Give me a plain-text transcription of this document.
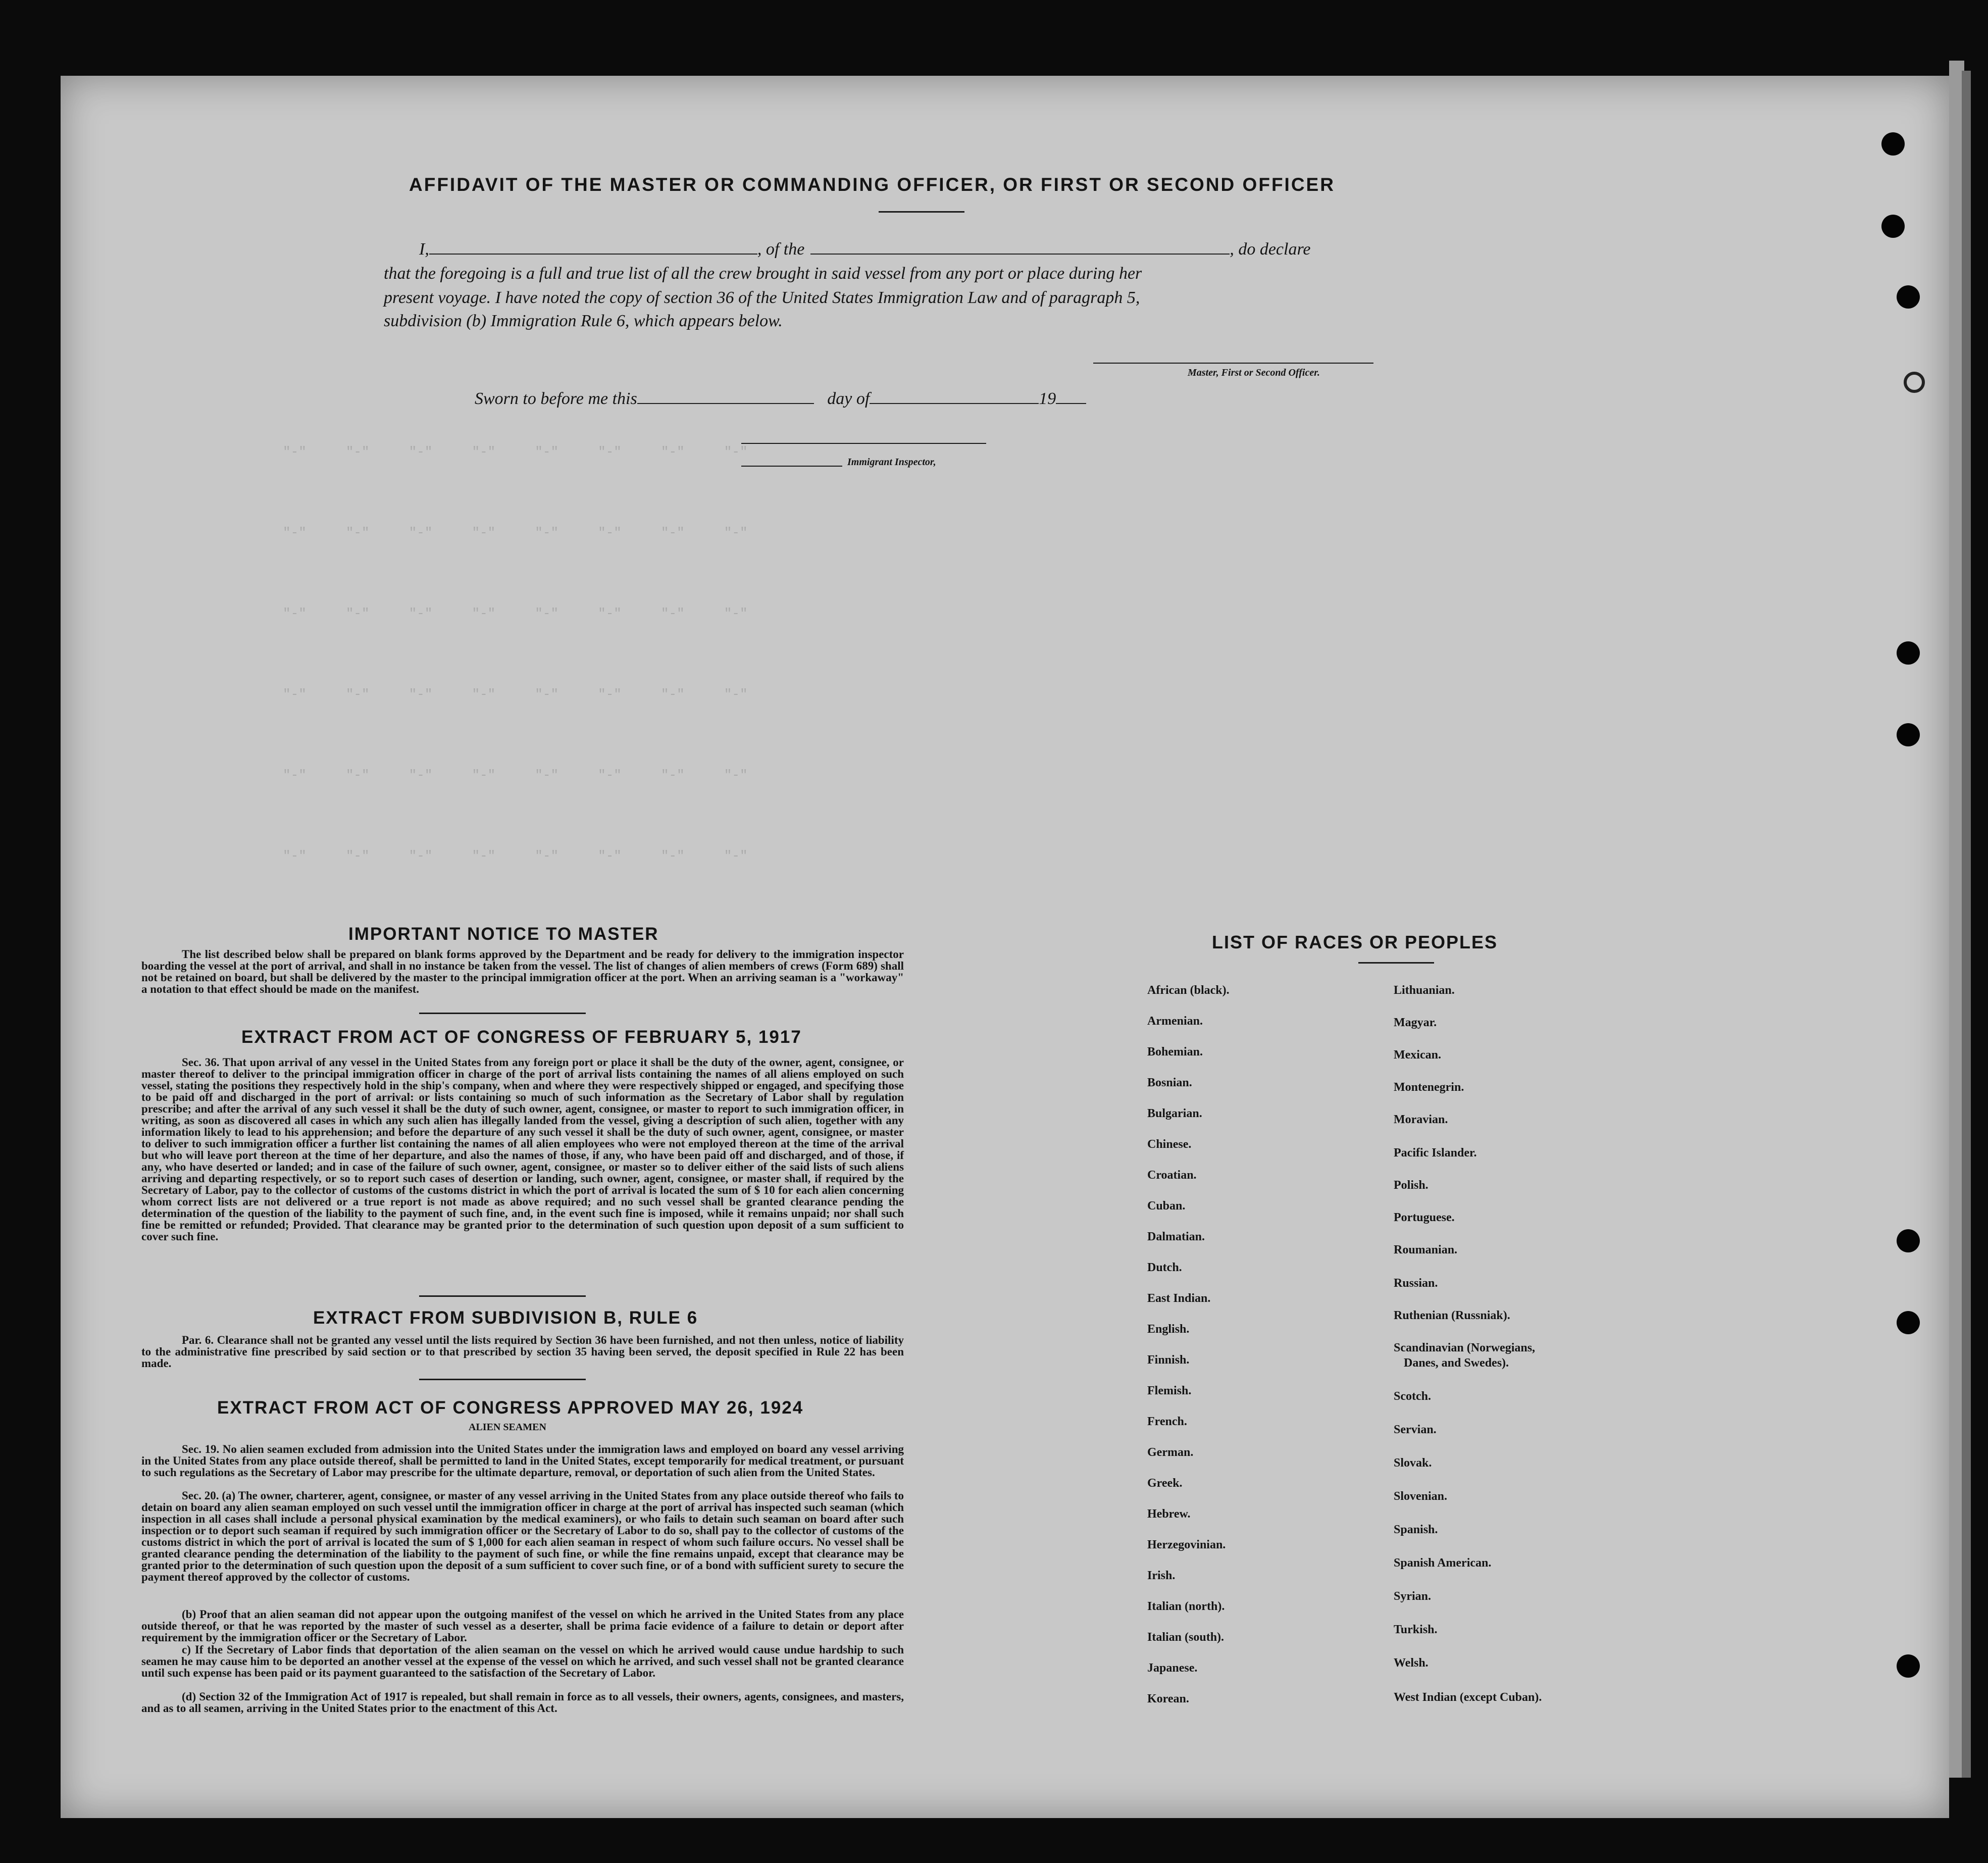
"-"     "-"     "-"     "-"     "-"     "-"     "-"     "-"
"-"     "-"     "-"     "-"     "-"     "-"     "-"     "-"
"-"     "-"     "-"     "-"     "-"     "-"     "-"     "-"
"-"     "-"     "-"     "-"     "-"     "-"     "-"     "-"
"-"     "-"     "-"     "-"     "-"     "-"     "-"     "-"
"-"     "-"     "-"     "-"     "-"     "-"     "-"     "-"
AFFIDAVIT OF THE MASTER OR COMMANDING OFFICER, OR FIRST OR SECOND OFFICER
I,	, of the	, do declare
that the foregoing is a full and true list of all the crew brought in said vessel from any port or place during her
present voyage. I have noted the copy of section 36 of the United States Immigration Law and of paragraph 5,
subdivision (b) Immigration Rule 6, which appears below.
Master, First or Second Officer.
Sworn to before me this	day of	19
Immigrant Inspector,
IMPORTANT NOTICE TO MASTER
The list described below shall be prepared on blank forms approved by the Department and be ready for delivery to the immigration inspector boarding the vessel at the port of arrival, and shall in no instance be taken from the vessel. The list of changes of alien members of crews (Form 689) shall not be retained on board, but shall be delivered by the master to the principal immigration officer at the port. When an arriving seaman is a "workaway" a notation to that effect should be made on the manifest.
EXTRACT FROM ACT OF CONGRESS OF FEBRUARY 5, 1917
Sec. 36. That upon arrival of any vessel in the United States from any foreign port or place it shall be the duty of the owner, agent, consignee, or master thereof to deliver to the principal immigration officer in charge of the port of arrival lists containing the names of all aliens employed on such vessel, stating the positions they respectively hold in the ship's company, when and where they were respectively shipped or engaged, and specifying those to be paid off and discharged in the port of arrival: or lists containing so much of such information as the Secretary of Labor shall by regulation prescribe; and after the arrival of any such vessel it shall be the duty of such owner, agent, consignee, or master to report to such immigration officer, in writing, as soon as discovered all cases in which any such alien has illegally landed from the vessel, giving a description of such alien, together with any information likely to lead to his apprehension; and before the departure of any such vessel it shall be the duty of such owner, agent, consignee, or master to deliver to such immigration officer a further list containing the names of all alien employees who were not employed thereon at the time of the arrival but who will leave port thereon at the time of her departure, and also the names of those, if any, who have been paid off and discharged, and of those, if any, who have deserted or landed; and in case of the failure of such owner, agent, consignee, or master so to deliver either of the said lists of such aliens arriving and departing respectively, or so to report such cases of desertion or landing, such owner, agent, consignee, or master shall, if required by the Secretary of Labor, pay to the collector of customs of the customs district in which the port of arrival is located the sum of $ 10 for each alien concerning whom correct lists are not delivered or a true report is not made as above required; and no such vessel shall be granted clearance pending the determination of the question of the liability to the payment of such fine, and, in the event such fine is imposed, while it remains unpaid; nor shall such fine be remitted or refunded; Provided. That clearance may be granted prior to the determination of such question upon deposit of a sum sufficient to cover such fine.
EXTRACT FROM SUBDIVISION B, RULE 6
Par. 6. Clearance shall not be granted any vessel until the lists required by Section 36 have been furnished, and not then unless, notice of liability to the administrative fine prescribed by said section or to that prescribed by section 35 having been served, the deposit specified in Rule 22 has been made.
EXTRACT FROM ACT OF CONGRESS APPROVED MAY 26, 1924
ALIEN SEAMEN
Sec. 19. No alien seamen excluded from admission into the United States under the immigration laws and employed on board any vessel arriving in the United States from any place outside thereof, shall be permitted to land in the United States, except temporarily for medical treatment, or pursuant to such regulations as the Secretary of Labor may prescribe for the ultimate departure, removal, or deportation of such alien from the United States.
Sec. 20. (a) The owner, charterer, agent, consignee, or master of any vessel arriving in the United States from any place outside thereof who fails to detain on board any alien seaman employed on such vessel until the immigration officer in charge at the port of arrival has inspected such seaman (which inspection in all cases shall include a personal physical examination by the medical examiners), or who fails to detain such seaman on board after such inspection or to deport such seaman if required by such immigration officer or the Secretary of Labor to do so, shall pay to the collector of customs of the customs district in which the port of arrival is located the sum of $ 1,000 for each alien seaman in respect of whom such failure occurs. No vessel shall be granted clearance pending the determination of the liability to the payment of such fine, or while the fine remains unpaid, except that clearance may be granted prior to the determination of such question upon the deposit of a sum sufficient to cover such fine, or of a bond with sufficient surety to secure the payment thereof approved by the collector of customs.
(b) Proof that an alien seaman did not appear upon the outgoing manifest of the vessel on which he arrived in the United States from any place outside thereof, or that he was reported by the master of such vessel as a deserter, shall be prima facie evidence of a failure to detain or deport after requirement by the immigration officer or the Secretary of Labor.
c) If the Secretary of Labor finds that deportation of the alien seaman on the vessel on which he arrived would cause undue hardship to such seamen he may cause him to be deported an another vessel at the expense of the vessel on which he arrived, and such vessel shall not be granted clearance until such expense has been paid or its payment guaranteed to the satisfaction of the Secretary of Labor.
(d) Section 32 of the Immigration Act of 1917 is repealed, but shall remain in force as to all vessels, their owners, agents, consignees, and masters, and as to all seamen, arriving in the United States prior to the enactment of this Act.
LIST OF RACES OR PEOPLES
African (black).
Armenian.
Bohemian.
Bosnian.
Bulgarian.
Chinese.
Croatian.
Cuban.
Dalmatian.
Dutch.
East Indian.
English.
Finnish.
Flemish.
French.
German.
Greek.
Hebrew.
Herzegovinian.
Irish.
Italian (north).
Italian (south).
Japanese.
Korean.
Lithuanian.
Magyar.
Mexican.
Montenegrin.
Moravian.
Pacific Islander.
Polish.
Portuguese.
Roumanian.
Russian.
Ruthenian (Russniak).
Scandinavian (Norwegians,
Danes, and Swedes).
Scotch.
Servian.
Slovak.
Slovenian.
Spanish.
Spanish American.
Syrian.
Turkish.
Welsh.
West Indian (except Cuban).
